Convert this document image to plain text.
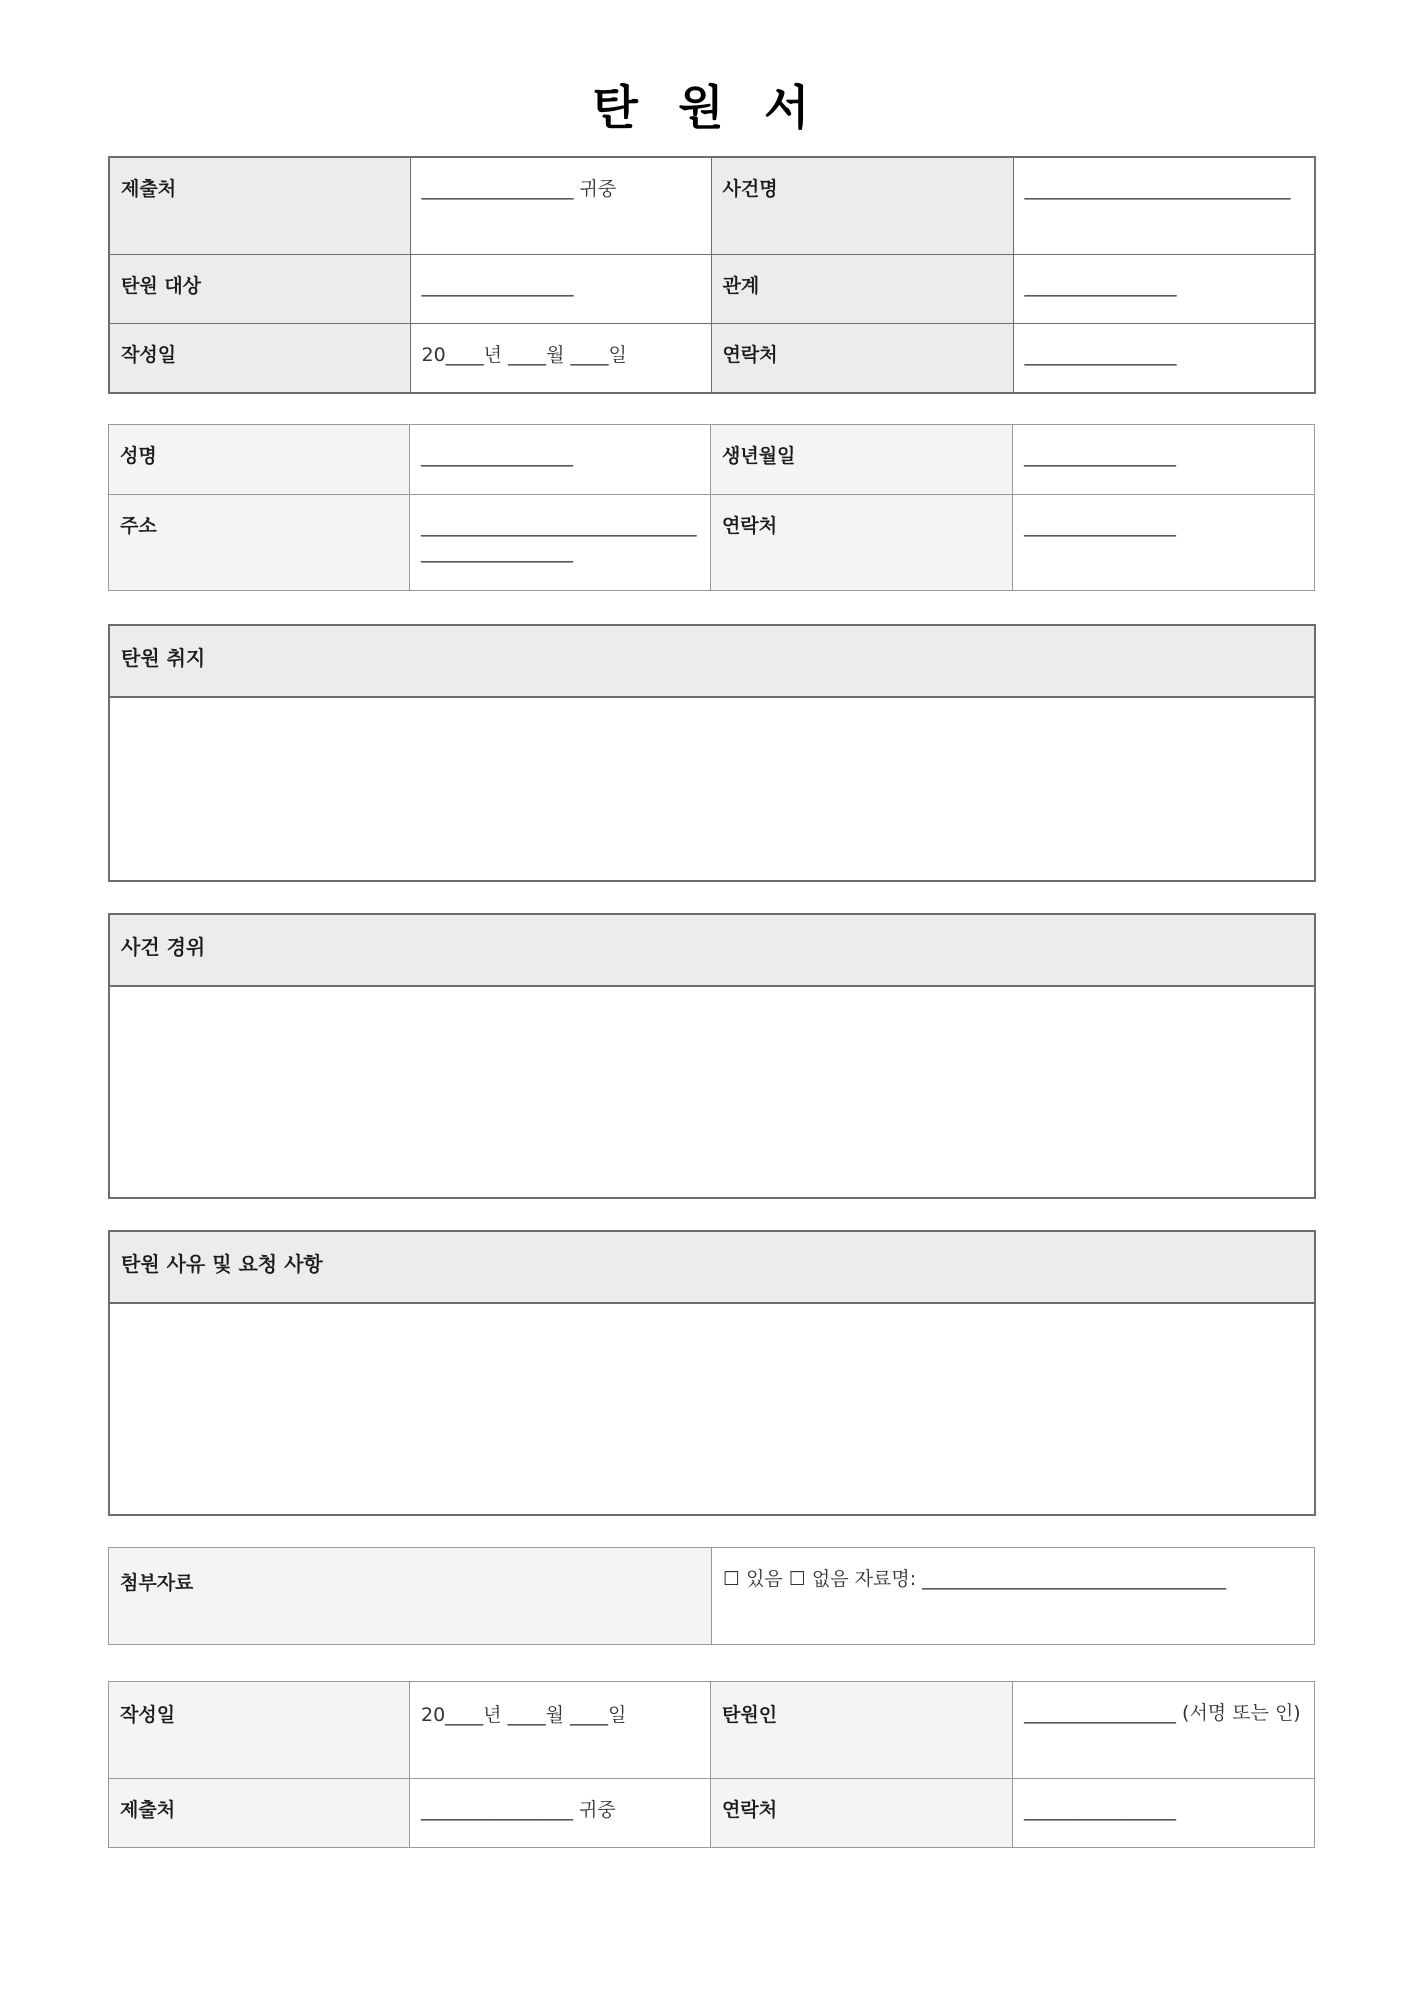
탄 원 서
제출처	________________ 귀중	사건명	____________________________
탄원 대상	________________	관계	________________
작성일	20____년 ____월 ____일	연락처	________________
성명	________________	생년월일	________________
주소	_____________________________________________	연락처	________________
탄원 취지
사건 경위
탄원 사유 및 요청 사항
첨부자료	☐ 있음 ☐ 없음 자료명: ________________________________
작성일	20____년 ____월 ____일	탄원인	________________ (서명 또는 인)
제출처	________________ 귀중	연락처	________________
